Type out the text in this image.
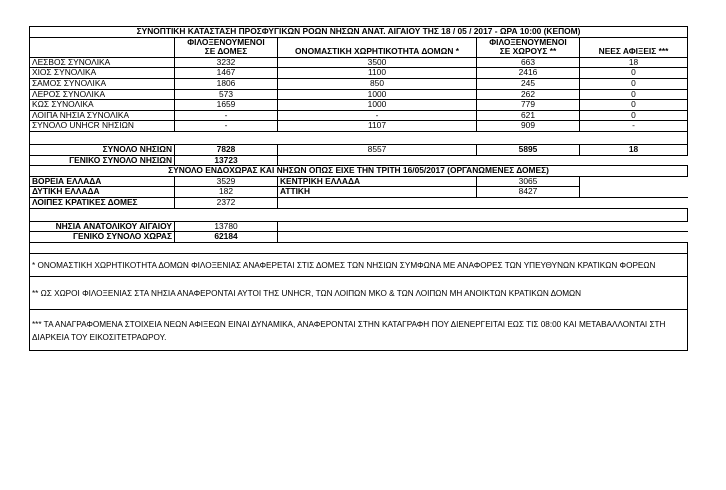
ΣΥΝΟΠΤΙΚΗ ΚΑΤΑΣΤΑΣΗ ΠΡΟΣΦΥΓΙΚΩΝ ΡΟΩΝ ΝΗΣΩΝ ΑΝΑΤ. ΑΙΓΑΙΟΥ ΤΗΣ 18 / 05 / 2017 - ΩΡΑ 10:00 (ΚΕΠΟΜ)				
	ΦΙΛΟΞΕΝΟΥΜΕΝΟΙ		ΦΙΛΟΞΕΝΟΥΜΕΝΟΙ	
	ΣΕ ΔΟΜΕΣ	ΟΝΟΜΑΣΤΙΚΗ ΧΩΡΗΤΙΚΟΤΗΤΑ ΔΟΜΩΝ *	ΣΕ ΧΩΡΟΥΣ **	ΝΕΕΣ ΑΦΙΞΕΙΣ ***
ΛΕΣΒΟΣ ΣΥΝΟΛΙΚΑ	3232	3500	663	18
ΧΙΟΣ ΣΥΝΟΛΙΚΑ	1467	1100	2416	0
ΣΑΜΟΣ ΣΥΝΟΛΙΚΑ	1806	850	245	0
ΛΕΡΟΣ ΣΥΝΟΛΙΚΑ	573	1000	262	0
ΚΩΣ ΣΥΝΟΛΙΚΑ	1659	1000	779	0
ΛΟΙΠΑ ΝΗΣΙΑ ΣΥΝΟΛΙΚΑ	-	-	621	0
ΣΥΝΟΛΟ UNHCR ΝΗΣΙΩΝ	-	1107	909	-

ΣΥΝΟΛΟ ΝΗΣΙΩΝ	7828	8557	5895	18
ΓΕΝΙΚΟ ΣΥΝΟΛΟ ΝΗΣΙΩΝ	13723			
ΣΥΝΟΛΟ ΕΝΔΟΧΩΡΑΣ ΚΑΙ ΝΗΣΩΝ ΟΠΩΣ ΕΙΧΕ ΤΗΝ ΤΡΙΤΗ 16/05/2017 (ΟΡΓΑΝΩΜΕΝΕΣ ΔΟΜΕΣ)				
ΒΟΡΕΙΑ ΕΛΛΑΔΑ	3529	ΚΕΝΤΡΙΚΗ ΕΛΛΑΔΑ	3065	
ΔΥΤΙΚΗ ΕΛΛΑΔΑ	182	ΑΤΤΙΚΗ	8427	
ΛΟΙΠΕΣ ΚΡΑΤΙΚΕΣ ΔΟΜΕΣ	2372			

ΝΗΣΙΑ ΑΝΑΤΟΛΙΚΟΥ ΑΙΓΑΙΟΥ	13780			
ΓΕΝΙΚΟ ΣΥΝΟΛΟ ΧΩΡΑΣ	62184			

* ΟΝΟΜΑΣΤΙΚΗ ΧΩΡΗΤΙΚΟΤΗΤΑ ΔΟΜΩΝ ΦΙΛΟΞΕΝΙΑΣ ΑΝΑΦΕΡΕΤΑΙ ΣΤΙΣ ΔΟΜΕΣ ΤΩΝ ΝΗΣΙΩΝ ΣΥΜΦΩΝΑ ΜΕ ΑΝΑΦΟΡΕΣ ΤΩΝ ΥΠΕΥΘΥΝΩΝ ΚΡΑΤΙΚΩΝ ΦΟΡΕΩΝ				
** ΩΣ ΧΩΡΟΙ ΦΙΛΟΞΕΝΙΑΣ ΣΤΑ ΝΗΣΙΑ ΑΝΑΦΕΡΟΝΤΑΙ ΑΥΤΟΙ ΤΗΣ UNHCR, ΤΩΝ ΛΟΙΠΩΝ ΜΚΟ & ΤΩΝ ΛΟΙΠΩΝ ΜΗ ΑΝΟΙΚΤΩΝ ΚΡΑΤΙΚΩΝ ΔΟΜΩΝ				
*** ΤΑ ΑΝΑΓΡΑΦΟΜΕΝΑ ΣΤΟΙΧΕΙΑ ΝΕΩΝ ΑΦΙΞΕΩΝ ΕΙΝΑΙ ΔΥΝΑΜΙΚΑ, ΑΝΑΦΕΡΟΝΤΑΙ ΣΤΗΝ ΚΑΤΑΓΡΑΦΗ ΠΟΥ ΔΙΕΝΕΡΓΕΙΤΑΙ ΕΩΣ ΤΙΣ 08:00 ΚΑΙ ΜΕΤΑΒΑΛΛΟΝΤΑΙ ΣΤΗ ΔΙΑΡΚΕΙΑ ΤΟΥ ΕΙΚΟΣΙΤΕΤΡΑΩΡΟΥ.				
